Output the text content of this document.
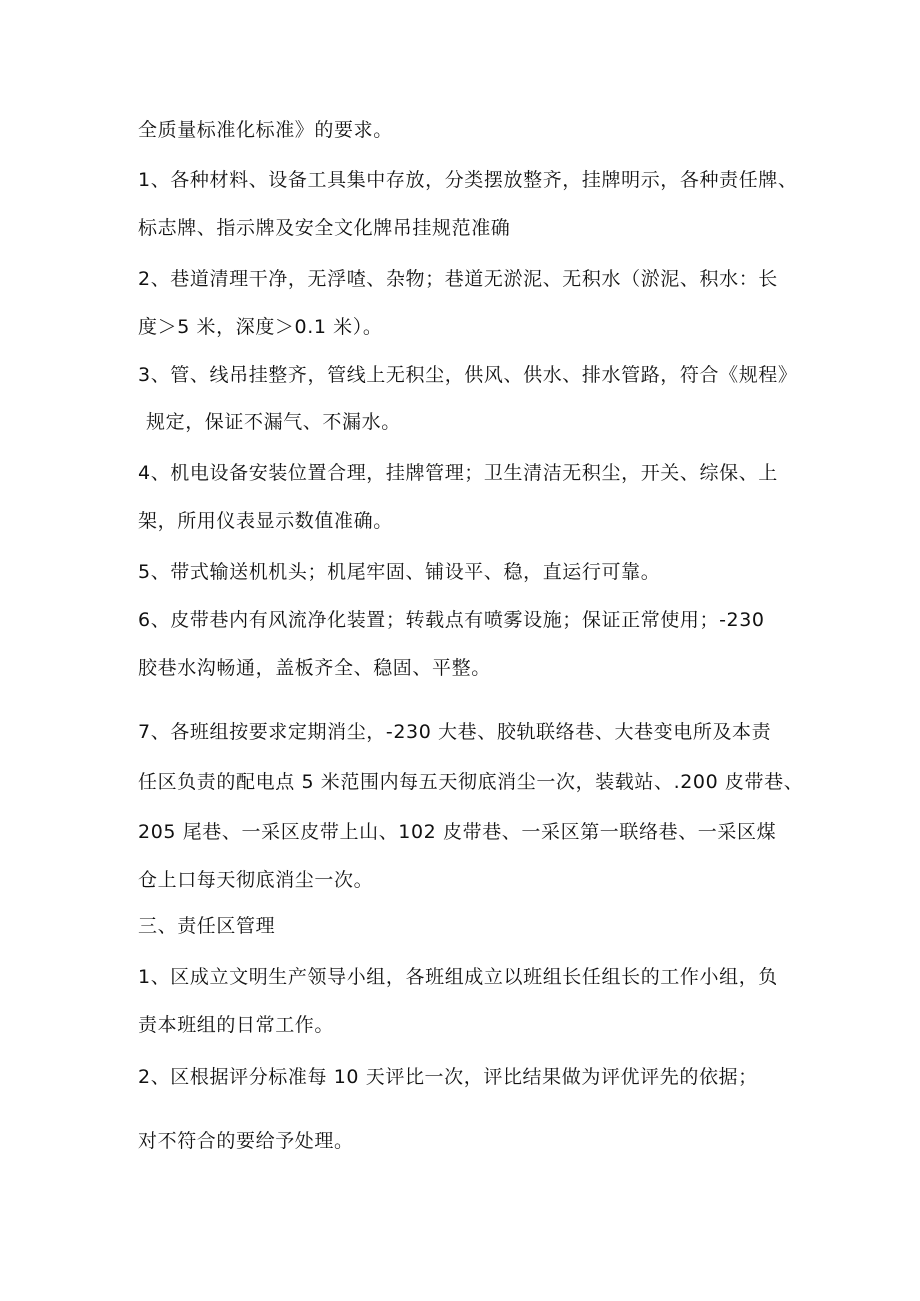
全质量标准化标准》的要求。
1、各种材料、设备工具集中存放，分类摆放整齐，挂牌明示，各种责任牌、
标志牌、指示牌及安全文化牌吊挂规范准确
2、巷道清理干净，无浮喳、杂物；巷道无淤泥、无积水（淤泥、积水：长
度＞5 米，深度＞0.1 米）。
3、管、线吊挂整齐，管线上无积尘，供风、供水、排水管路，符合《规程》
规定，保证不漏气、不漏水。
4、机电设备安装位置合理，挂牌管理；卫生清洁无积尘，开关、综保、上
架，所用仪表显示数值准确。
5、带式输送机机头；机尾牢固、铺设平、稳，直运行可靠。
6、皮带巷内有风流净化装置；转载点有喷雾设施；保证正常使用；-230
胶巷水沟畅通，盖板齐全、稳固、平整。
7、各班组按要求定期消尘，-230 大巷、胶轨联络巷、大巷变电所及本责
任区负责的配电点 5 米范围内每五天彻底消尘一次，装载站、.200 皮带巷、
205 尾巷、一采区皮带上山、102 皮带巷、一采区第一联络巷、一采区煤
仓上口每天彻底消尘一次。
三、责任区管理
1、区成立文明生产领导小组，各班组成立以班组长任组长的工作小组，负
责本班组的日常工作。
2、区根据评分标准每 10 天评比一次，评比结果做为评优评先的依据；
对不符合的要给予处理。
